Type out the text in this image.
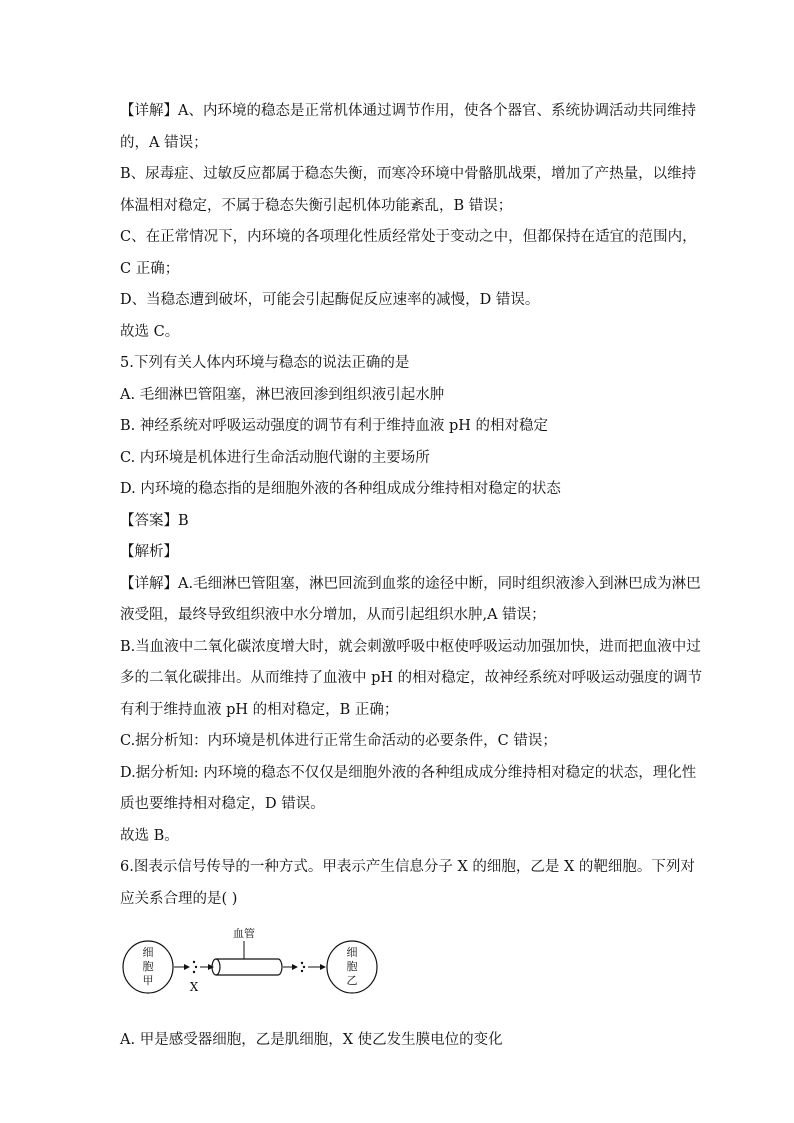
【详解】A、内环境的稳态是正常机体通过调节作用，使各个器官、系统协调活动共同维持
的，A 错误；
B、尿毒症、过敏反应都属于稳态失衡，而寒冷环境中骨骼肌战栗，增加了产热量，以维持
体温相对稳定，不属于稳态失衡引起机体功能紊乱，B 错误；
C、在正常情况下，内环境的各项理化性质经常处于变动之中，但都保持在适宜的范围内，
C 正确；
D、当稳态遭到破坏，可能会引起酶促反应速率的减慢，D 错误。
故选 C。
5.下列有关人体内环境与稳态的说法正确的是
A. 毛细淋巴管阻塞，淋巴液回渗到组织液引起水肿
B. 神经系统对呼吸运动强度的调节有利于维持血液 pH 的相对稳定
C. 内环境是机体进行生命活动胞代谢的主要场所
D. 内环境的稳态指的是细胞外液的各种组成成分维持相对稳定的状态
【答案】B
【解析】
【详解】A.毛细淋巴管阻塞，淋巴回流到血浆的途径中断，同时组织液渗入到淋巴成为淋巴
液受阻，最终导致组织液中水分增加，从而引起组织水肿,A 错误；
B.当血液中二氧化碳浓度增大时，就会刺激呼吸中枢使呼吸运动加强加快，进而把血液中过
多的二氧化碳排出。从而维持了血液中 pH 的相对稳定，故神经系统对呼吸运动强度的调节
有利于维持血液 pH 的相对稳定，B 正确；
C.据分析知：内环境是机体进行正常生命活动的必要条件，C 错误；
D.据分析知: 内环境的稳态不仅仅是细胞外液的各种组成成分维持相对稳定的状态，理化性
质也要维持相对稳定，D 错误。
故选 B。
6.图表示信号传导的一种方式。甲表示产生信息分子 X 的细胞，乙是 X 的靶细胞。下列对
应关系合理的是( )
细
胞
甲	X
血管
细
胞
乙
A. 甲是感受器细胞，乙是肌细胞，X 使乙发生膜电位的变化
